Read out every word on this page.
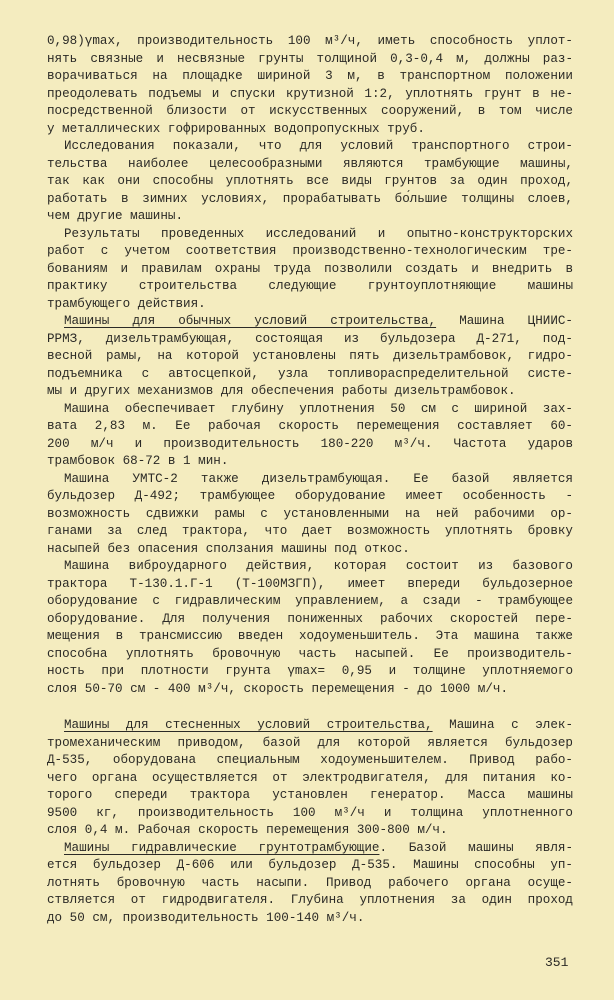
0,98)γmax, производительность 100 м³/ч, иметь способность уплот-
нять связные и несвязные грунты толщиной 0,3-0,4 м, должны раз-
ворачиваться на площадке шириной 3 м, в транспортном положении
преодолевать подъемы и спуски крутизной 1:2, уплотнять грунт в не-
посредственной близости от искусственных сооружений, в том числе
у металлических гофрированных водопропускных труб.
Исследования показали, что для условий транспортного строи-
тельства наиболее целесообразными являются трамбующие машины,
так как они способны уплотнять все виды грунтов за один проход,
работать в зимних условиях, прорабатывать бо́льшие толщины слоев,
чем другие машины.
Результаты проведенных исследований и опытно-конструкторских
работ с учетом соответствия производственно-технологическим тре-
бованиям и правилам охраны труда позволили создать и внедрить в
практику строительства следующие грунтоуплотняющие машины
трамбующего действия.
Машины для обычных условий строительства, Машина ЦНИИС-
РРМЗ, дизельтрамбующая, состоящая из бульдозера Д-271, под-
весной рамы, на которой установлены пять дизельтрамбовок, гидро-
подъемника с автосцепкой, узла топливораспределительной систе-
мы и других механизмов для обеспечения работы дизельтрамбовок.
Машина обеспечивает глубину уплотнения 50 см с шириной зах-
вата 2,83 м. Ее рабочая скорость перемещения составляет 60-
200 м/ч и производительность 180-220 м³/ч. Частота ударов
трамбовок 68-72 в 1 мин.
Машина УМТС-2 также дизельтрамбующая. Ее базой является
бульдозер Д-492; трамбующее оборудование имеет особенность -
возможность сдвижки рамы с установленными на ней рабочими ор-
ганами за след трактора, что дает возможность уплотнять бровку
насыпей без опасения сползания машины под откос.
Машина виброударного действия, которая состоит из базового
трактора Т-130.1.Г-1 (Т-100МЗГП), имеет впереди бульдозерное
оборудование с гидравлическим управлением, а сзади - трамбующее
оборудование. Для получения пониженных рабочих скоростей пере-
мещения в трансмиссию введен ходоуменьшитель. Эта машина также
способна уплотнять бровочную часть насыпей. Ее производитель-
ность при плотности грунта γmax= 0,95 и толщине уплотняемого
слоя 50-70 см - 400 м³/ч, скорость перемещения - до 1000 м/ч.
Машины для стесненных условий строительства, Машина с элек-
тромеханическим приводом, базой для которой является бульдозер
Д-535, оборудована специальным ходоуменьшителем. Привод рабо-
чего органа осуществляется от электродвигателя, для питания ко-
торого спереди трактора установлен генератор. Масса машины
9500 кг, производительность 100 м³/ч и толщина уплотненного
слоя 0,4 м. Рабочая скорость перемещения 300-800 м/ч.
Машины гидравлические грунтотрамбующие. Базой машины явля-
ется бульдозер Д-606 или бульдозер Д-535. Машины способны уп-
лотнять бровочную часть насыпи. Привод рабочего органа осуще-
ствляется от гидродвигателя. Глубина уплотнения за один проход
до 50 см, производительность 100-140 м³/ч.
351
